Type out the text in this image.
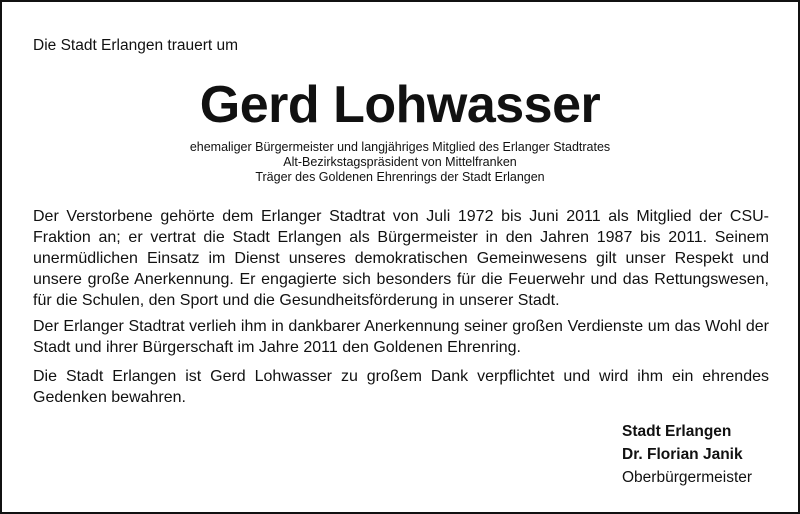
Die Stadt Erlangen trauert um

Gerd Lohwasser
ehemaliger Bürgermeister und langjähriges Mitglied des Erlanger Stadtrates
Alt-Bezirkstagspräsident von Mittelfranken
Träger des Goldenen Ehrenrings der Stadt Erlangen

Der Verstorbene gehörte dem Erlanger Stadtrat von Juli 1972 bis Juni 2011 als Mitglied der CSU-Fraktion an; er vertrat die Stadt Erlangen als Bürgermeister in den Jahren 1987 bis 2011. Seinem unermüdlichen Einsatz im Dienst unseres demokratischen Gemeinwesens gilt unser Respekt und unsere große Anerkennung. Er engagierte sich besonders für die Feuerwehr und das Rettungswesen, für die Schulen, den Sport und die Gesundheitsförderung in unserer Stadt.

Der Erlanger Stadtrat verlieh ihm in dankbarer Anerkennung seiner großen Verdienste um das Wohl der Stadt und ihrer Bürgerschaft im Jahre 2011 den Goldenen Ehrenring.

Die Stadt Erlangen ist Gerd Lohwasser zu großem Dank verpflichtet und wird ihm ein ehrendes Gedenken bewahren.

Stadt Erlangen
Dr. Florian Janik
Oberbürgermeister
